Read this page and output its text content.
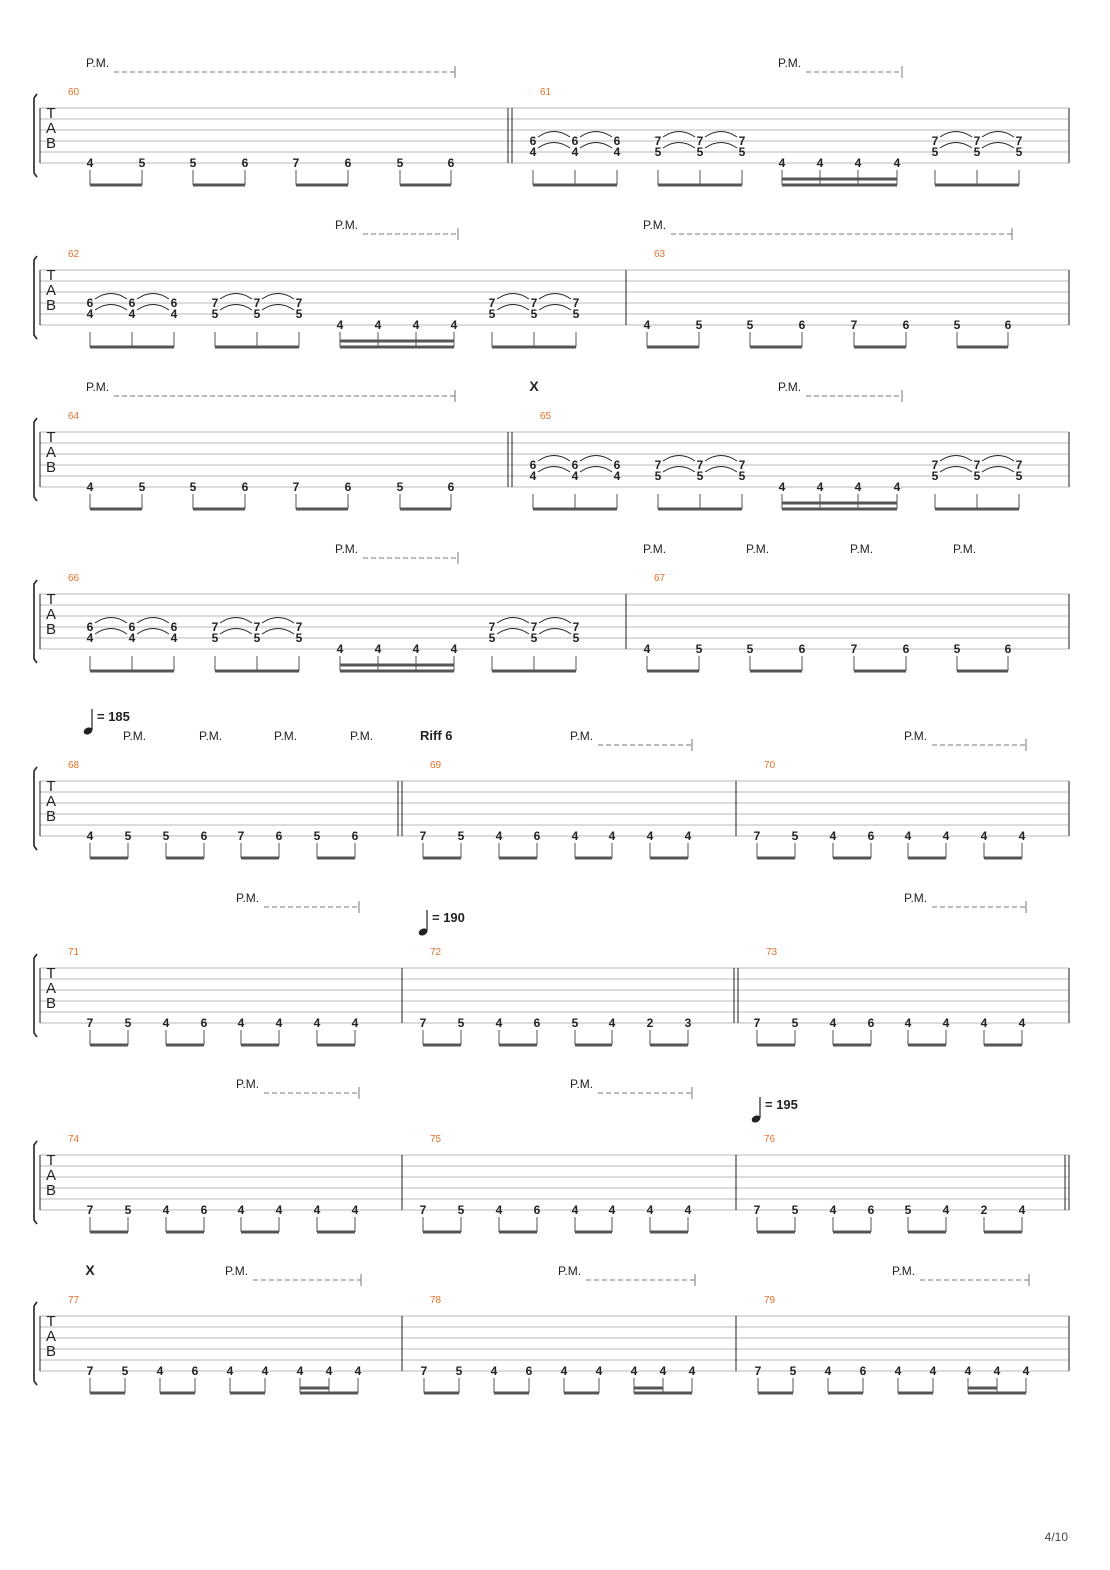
T
A
B
60
4	5	5	6	7	6	5	6
61
6
4
6
4
6
4
7
5
7
5
7
5
4	4	4	4
7
5
7
5
7
5
P.M.	P.M.
T
A
B
62
6
4
6
4
6
4
7
5
7
5
7
5
4	4	4	4
7
5
7
5
7
5
63
4	5	5	6	7	6	5	6
P.M.	P.M.
T
A
B
64
4	5	5	6	7	6	5	6
65
6
4
6
4
6
4
7
5
7
5
7
5
4	4	4	4
7
5
7
5
7
5
P.M.	P.M.
X
T
A
B
66
6
4
6
4
6
4
7
5
7
5
7
5
4	4	4	4
7
5
7
5
7
5
67
4	5	5	6	7	6	5	6
P.M.	P.M.	P.M.	P.M.	P.M.
T
A
B
68
4	5	5	6	7	6	5	6
69
7	5	4	6	4	4	4	4
70
7	5	4	6	4	4	4	4
P.M.	P.M.	P.M.	P.M.	P.M.	P.M.
Riff 6
= 185
T
A
B
71
7	5	4	6	4	4	4	4
72
7	5	4	6	5	4	2	3
73
7	5	4	6	4	4	4	4
P.M.	P.M.
= 190
T
A
B
74
7	5	4	6	4	4	4	4
75
7	5	4	6	4	4	4	4
76
7	5	4	6	5	4	2	4
P.M.	P.M.
= 195
T
A
B
77
7 5 4 6 4 4 4 4 4
78
7 5 4 6 4 4 4 4 4
79
7 5 4 6 4 4 4 4 4
P.M.	P.M.	P.M.
X
4/10
